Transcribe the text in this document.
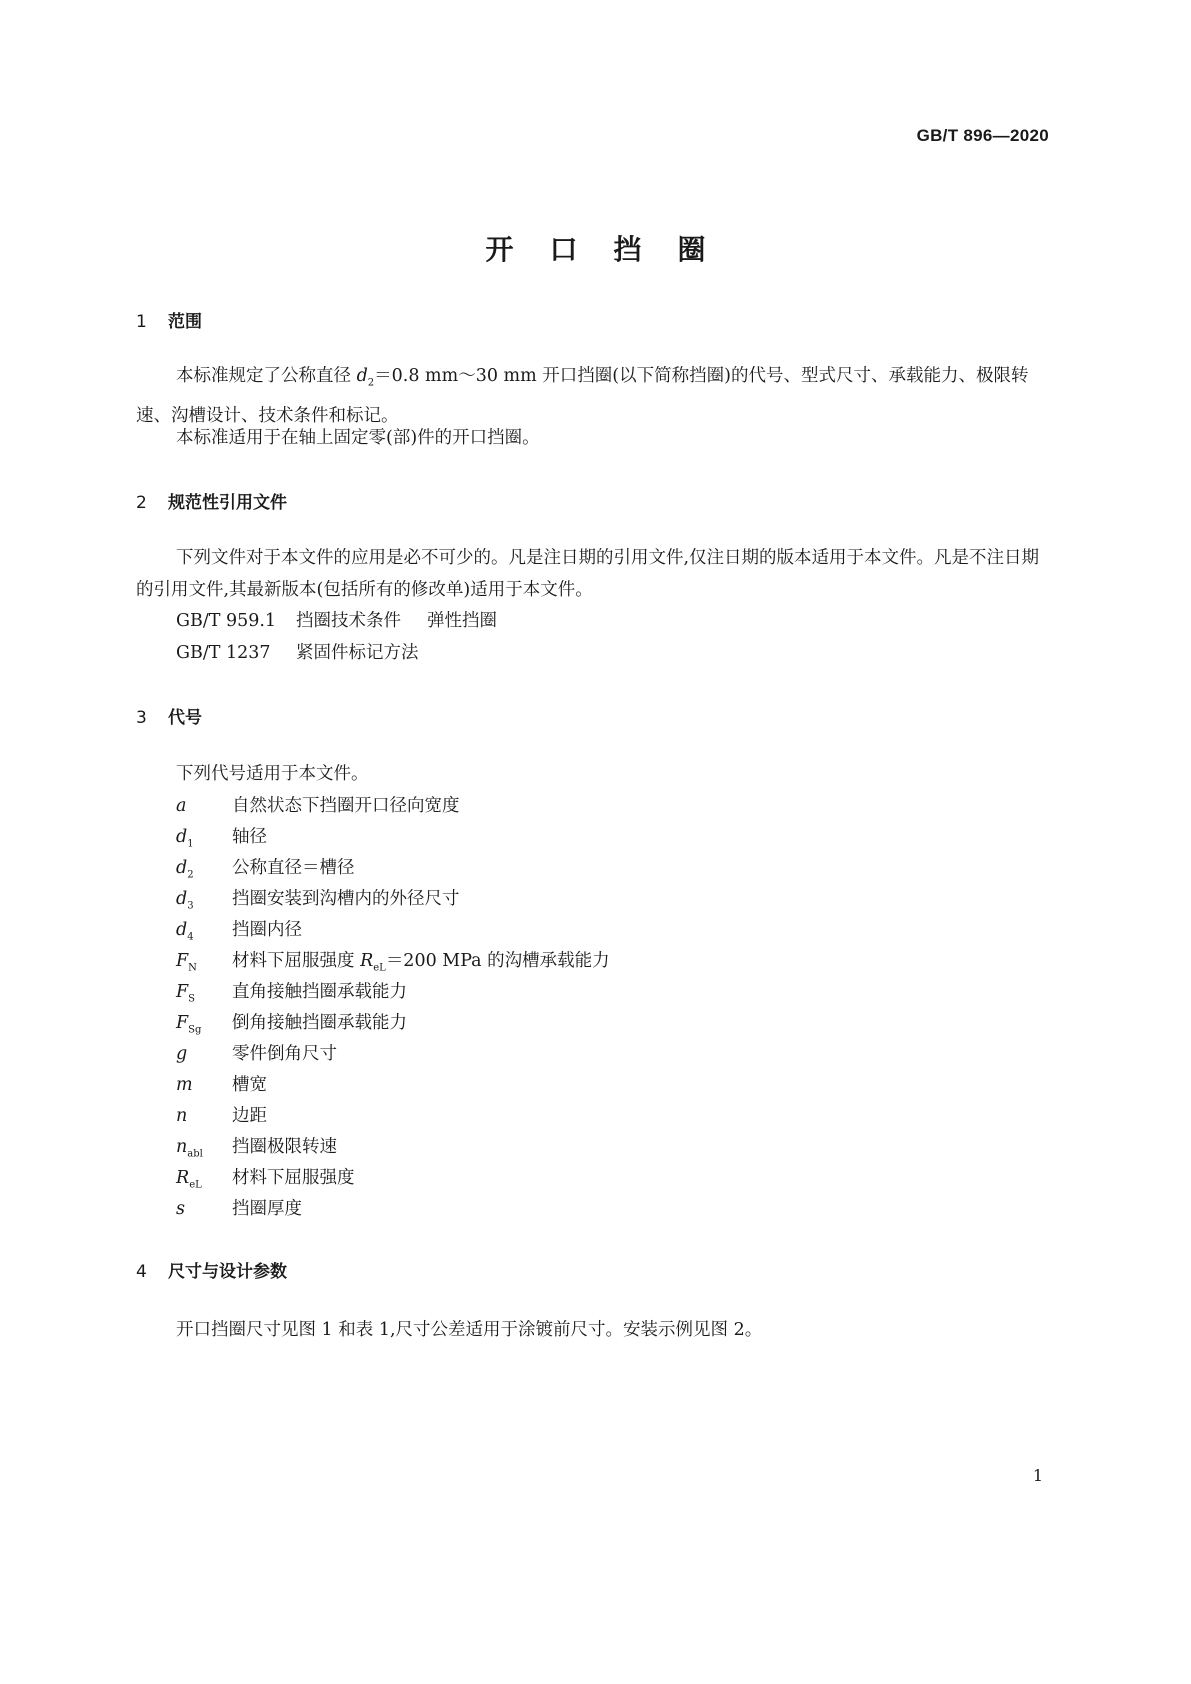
GB/T 896—2020
开口挡圈
1 范围
本标准规定了公称直径 $d_2=0.8$ mm～30 mm 开口挡圈(以下简称挡圈)的代号、型式尺寸、承载能力、极限转速、沟槽设计、技术条件和标记。
本标准适用于在轴上固定零(部)件的开口挡圈。
2 规范性引用文件
下列文件对于本文件的应用是必不可少的。凡是注日期的引用文件,仅注日期的版本适用于本文件。凡是不注日期的引用文件,其最新版本(包括所有的修改单)适用于本文件。
GB/T 959.1 挡圈技术条件 弹性挡圈
GB/T 1237 紧固件标记方法
3 代号
下列代号适用于本文件。
a	自然状态下挡圈开口径向宽度
$d_1$ 轴径
$d_2$ 公称直径＝槽径
$d_3$ 挡圈安装到沟槽内的外径尺寸
$d_4$ 挡圈内径
$F_N$ 材料下屈服强度 $R_{eL}=200$ MPa 的沟槽承载能力
$F_S$ 直角接触挡圈承载能力
$F_{Sg}$ 倒角接触挡圈承载能力
g	零件倒角尺寸
m 槽宽
n	边距
$n_{abl}$ 挡圈极限转速
$R_{eL}$ 材料下屈服强度
s	挡圈厚度
4 尺寸与设计参数
开口挡圈尺寸见图 1 和表 1,尺寸公差适用于涂镀前尺寸。安装示例见图 2。
1
